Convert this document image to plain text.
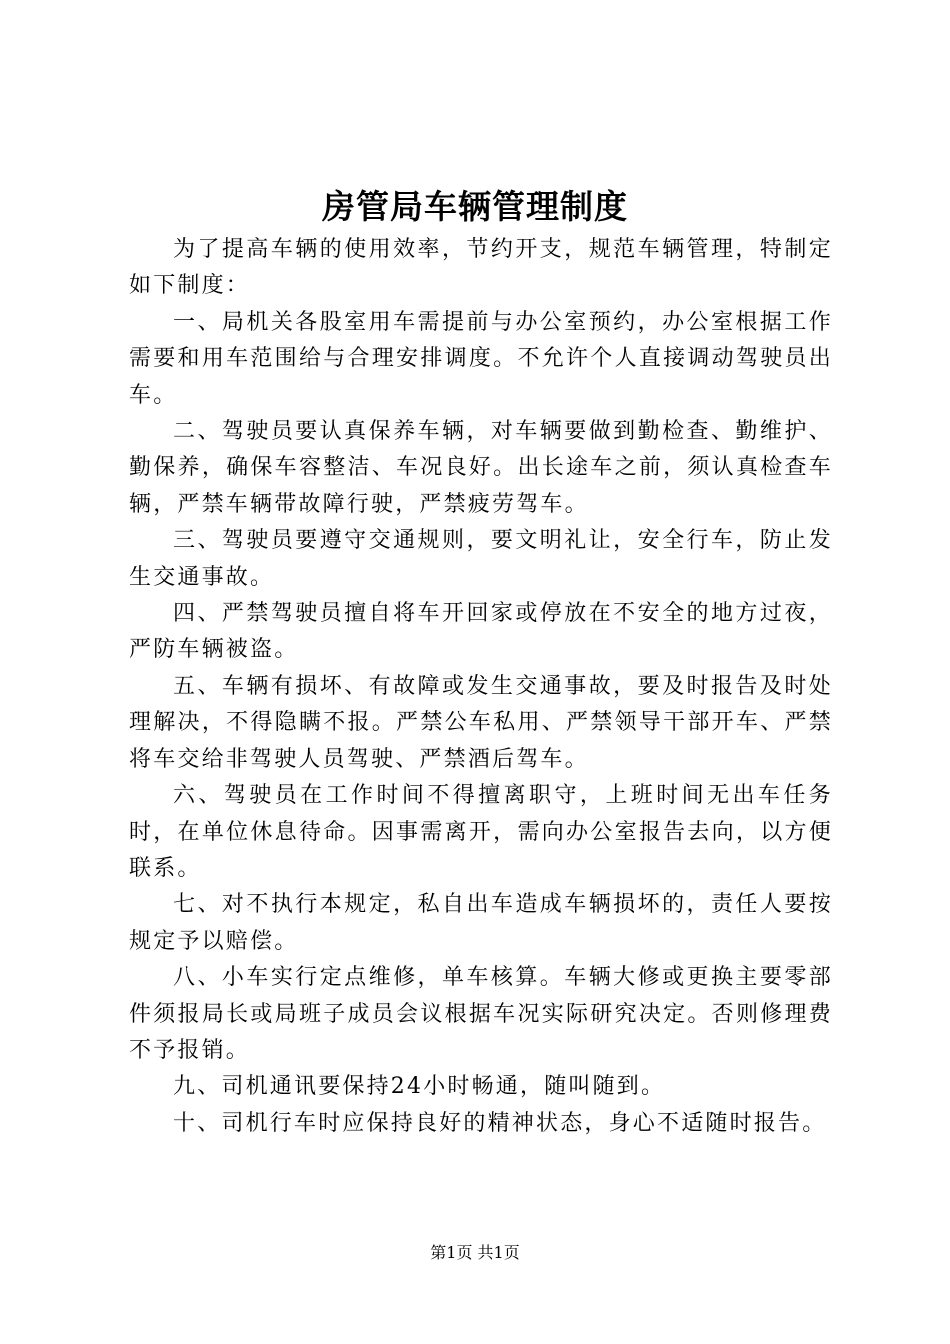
房管局车辆管理制度

为了提高车辆的使用效率，节约开支，规范车辆管理，特制定如下制度：

一、局机关各股室用车需提前与办公室预约，办公室根据工作需要和用车范围给与合理安排调度。不允许个人直接调动驾驶员出车。

二、驾驶员要认真保养车辆，对车辆要做到勤检查、勤维护、勤保养，确保车容整洁、车况良好。出长途车之前，须认真检查车辆，严禁车辆带故障行驶，严禁疲劳驾车。

三、驾驶员要遵守交通规则，要文明礼让，安全行车，防止发生交通事故。

四、严禁驾驶员擅自将车开回家或停放在不安全的地方过夜，严防车辆被盗。

五、车辆有损坏、有故障或发生交通事故，要及时报告及时处理解决，不得隐瞒不报。严禁公车私用、严禁领导干部开车、严禁将车交给非驾驶人员驾驶、严禁酒后驾车。

六、驾驶员在工作时间不得擅离职守，上班时间无出车任务时，在单位休息待命。因事需离开，需向办公室报告去向，以方便联系。

七、对不执行本规定，私自出车造成车辆损坏的，责任人要按规定予以赔偿。

八、小车实行定点维修，单车核算。车辆大修或更换主要零部件须报局长或局班子成员会议根据车况实际研究决定。否则修理费不予报销。

九、司机通讯要保持24小时畅通，随叫随到。

十、司机行车时应保持良好的精神状态，身心不适随时报告。

第1页 共1页
